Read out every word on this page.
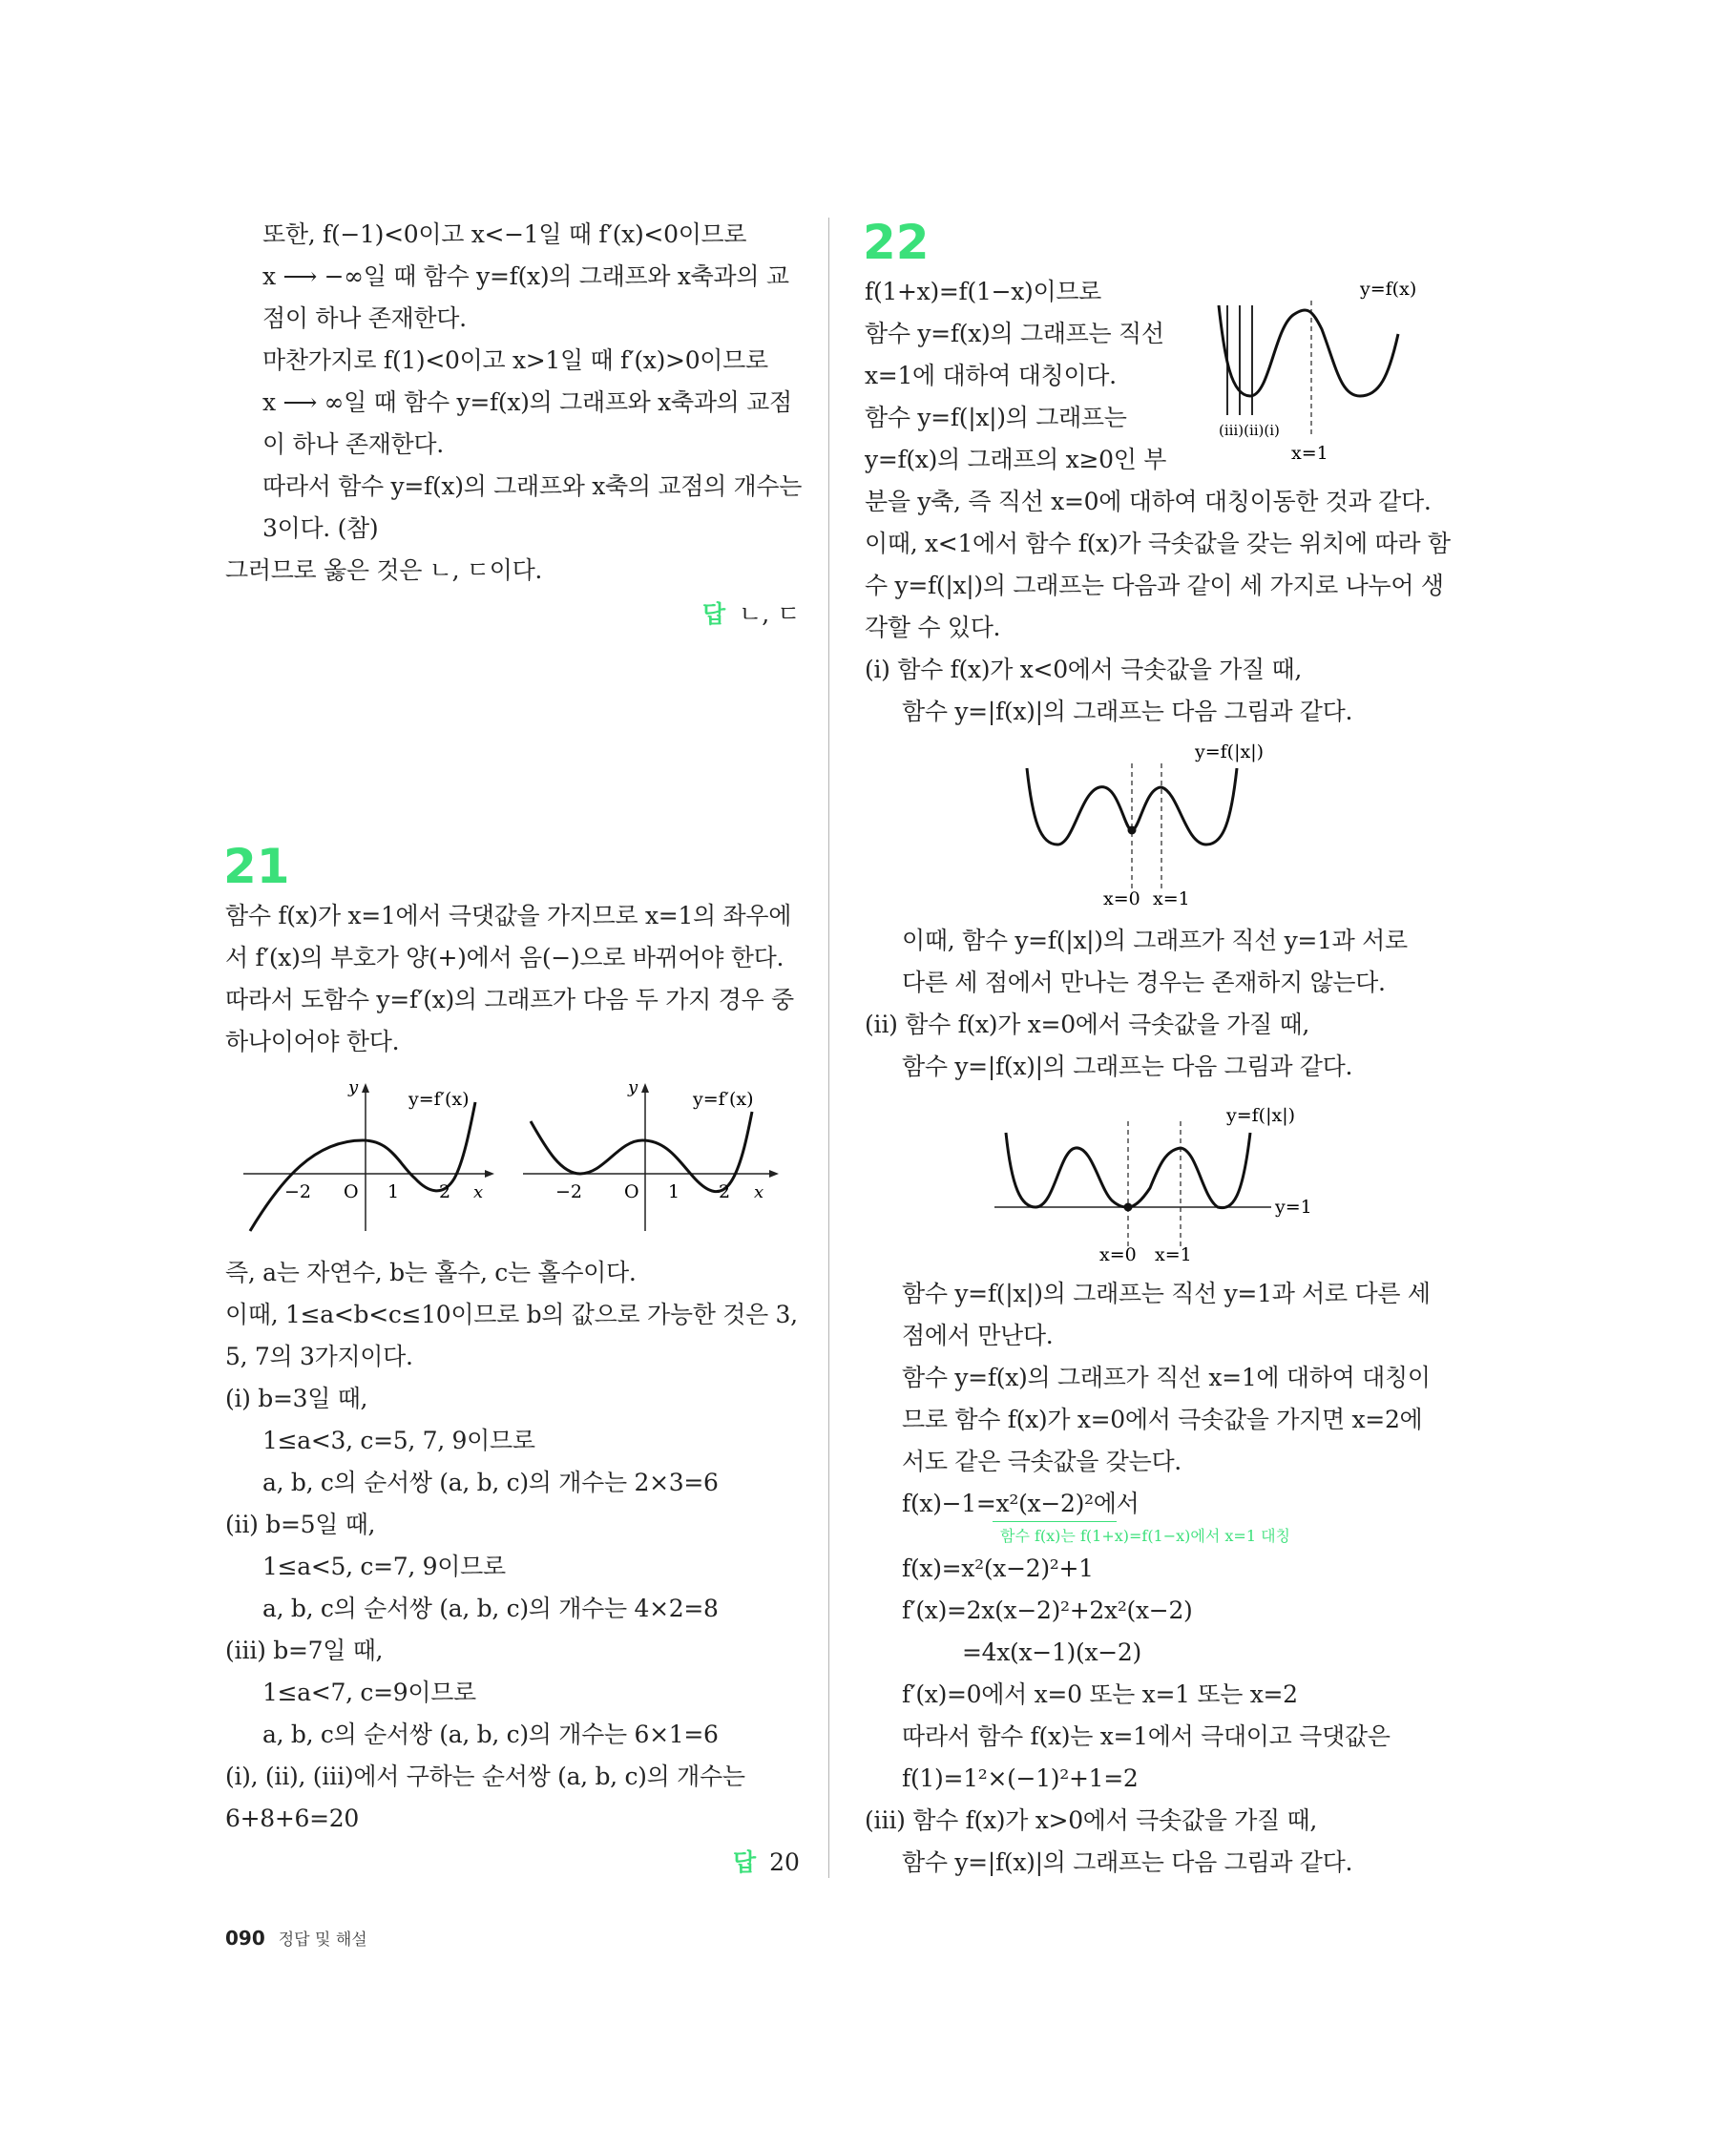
또한, f(−1)<0이고 x<−1일 때 f′(x)<0이므로
x ⟶ −∞일 때 함수 y=f(x)의 그래프와 x축과의 교
점이 하나 존재한다.
마찬가지로 f(1)<0이고 x>1일 때 f′(x)>0이므로
x ⟶ ∞일 때 함수 y=f(x)의 그래프와 x축과의 교점
이 하나 존재한다.
따라서 함수 y=f(x)의 그래프와 x축의 교점의 개수는
3이다. (참)
그러므로 옳은 것은 ㄴ, ㄷ이다.
답 ㄴ, ㄷ
21
함수 f(x)가 x=1에서 극댓값을 가지므로 x=1의 좌우에
서 f′(x)의 부호가 양(+)에서 음(−)으로 바뀌어야 한다.
따라서 도함수 y=f′(x)의 그래프가 다음 두 가지 경우 중
하나이어야 한다.
y
y=f′(x)
−2 O 1 2 x
y
y=f′(x)
−2 O 1 2 x
즉, a는 자연수, b는 홀수, c는 홀수이다.
이때, 1≤a<b<c≤10이므로 b의 값으로 가능한 것은 3,
5, 7의 3가지이다.
(ⅰ) b=3일 때,
1≤a<3, c=5, 7, 9이므로
a, b, c의 순서쌍 (a, b, c)의 개수는 2×3=6
(ⅱ) b=5일 때,
1≤a<5, c=7, 9이므로
a, b, c의 순서쌍 (a, b, c)의 개수는 4×2=8
(ⅲ) b=7일 때,
1≤a<7, c=9이므로
a, b, c의 순서쌍 (a, b, c)의 개수는 6×1=6
(ⅰ), (ⅱ), (ⅲ)에서 구하는 순서쌍 (a, b, c)의 개수는
6+8+6=20
답 20
22
f(1+x)=f(1−x)이므로
함수 y=f(x)의 그래프는 직선
x=1에 대하여 대칭이다.
함수 y=f(|x|)의 그래프는
y=f(x)의 그래프의 x≥0인 부
y=f(x)
(ⅲ)(ⅱ)(ⅰ)
x=1
분을 y축, 즉 직선 x=0에 대하여 대칭이동한 것과 같다.
이때, x<1에서 함수 f(x)가 극솟값을 갖는 위치에 따라 함
수 y=f(|x|)의 그래프는 다음과 같이 세 가지로 나누어 생
각할 수 있다.
(ⅰ) 함수 f(x)가 x<0에서 극솟값을 가질 때,
함수 y=|f(x)|의 그래프는 다음 그림과 같다.
y=f(|x|)
x=0 x=1
이때, 함수 y=f(|x|)의 그래프가 직선 y=1과 서로
다른 세 점에서 만나는 경우는 존재하지 않는다.
(ⅱ) 함수 f(x)가 x=0에서 극솟값을 가질 때,
함수 y=|f(x)|의 그래프는 다음 그림과 같다.
y=f(|x|)
y=1
x=0 x=1
함수 y=f(|x|)의 그래프는 직선 y=1과 서로 다른 세
점에서 만난다.
함수 y=f(x)의 그래프가 직선 x=1에 대하여 대칭이
므로 함수 f(x)가 x=0에서 극솟값을 가지면 x=2에
서도 같은 극솟값을 갖는다.
f(x)−1=x²(x−2)²에서
함수 f(x)는 f(1+x)=f(1−x)에서 x=1 대칭
f(x)=x²(x−2)²+1
f′(x)=2x(x−2)²+2x²(x−2)
=4x(x−1)(x−2)
f′(x)=0에서 x=0 또는 x=1 또는 x=2
따라서 함수 f(x)는 x=1에서 극대이고 극댓값은
f(1)=1²×(−1)²+1=2
(ⅲ) 함수 f(x)가 x>0에서 극솟값을 가질 때,
함수 y=|f(x)|의 그래프는 다음 그림과 같다.
090 정답 및 해설
